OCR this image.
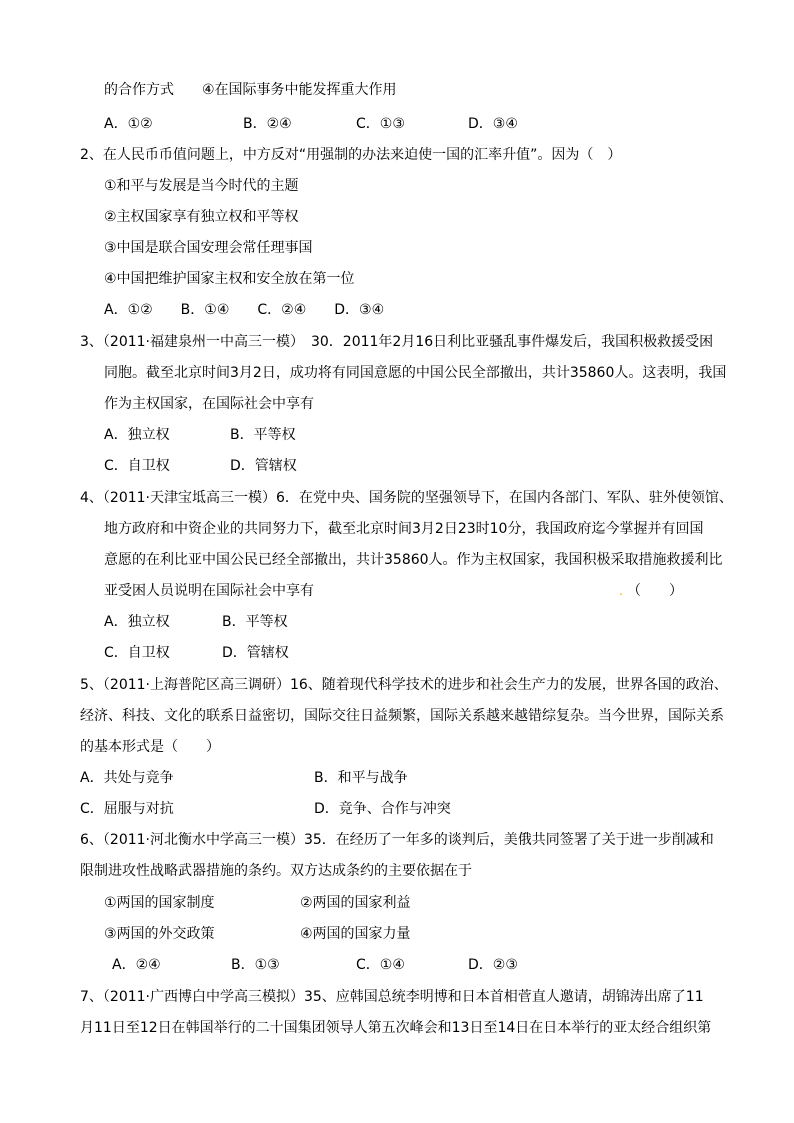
的合作方式　　④在国际事务中能发挥重大作用
A．①②	B．②④	C．①③	D．③④
2、在人民币币值问题上，中方反对“用强制的办法来迫使一国的汇率升值”。因为（　）
①和平与发展是当今时代的主题
②主权国家享有独立权和平等权
③中国是联合国安理会常任理事国
④中国把维护国家主权和安全放在第一位
A．①②　　B．①④　　C．②④　　D．③④
3、（2011·福建泉州一中高三一模）　30．2011年2月16日利比亚骚乱事件爆发后，我国积极救援受困
同胞。截至北京时间3月2日，成功将有同国意愿的中国公民全部撤出，共计35860人。这表明，我国
作为主权国家，在国际社会中享有
A．独立权	B．平等权
C．自卫权	D．管辖权
4、（2011·天津宝坻高三一模）6．在党中央、国务院的坚强领导下，在国内各部门、军队、驻外使领馆、
地方政府和中资企业的共同努力下，截至北京时间3月2日23时10分，我国政府迄今掌握并有回国
意愿的在利比亚中国公民已经全部撤出，共计35860人。作为主权国家，我国积极采取措施救援利比
亚受困人员说明在国际社会中享有	. （　　）
A．独立权	B．平等权
C．自卫权	D．管辖权
5、（2011·上海普陀区高三调研）16、随着现代科学技术的进步和社会生产力的发展，世界各国的政治、
经济、科技、文化的联系日益密切，国际交往日益频繁，国际关系越来越错综复杂。当今世界，国际关系
的基本形式是（　　）
A．共处与竞争	B．和平与战争
C．屈服与对抗	D．竞争、合作与冲突
6、（2011·河北衡水中学高三一模）35．在经历了一年多的谈判后，美俄共同签署了关于进一步削减和
限制进攻性战略武器措施的条约。双方达成条约的主要依据在于
①两国的国家制度	②两国的国家利益
③两国的外交政策	④两国的国家力量
A．②④	B．①③	C．①④	D．②③
7、（2011·广西博白中学高三模拟）35、应韩国总统李明博和日本首相菅直人邀请，胡锦涛出席了11
月11日至12日在韩国举行的二十国集团领导人第五次峰会和13日至14日在日本举行的亚太经合组织第
